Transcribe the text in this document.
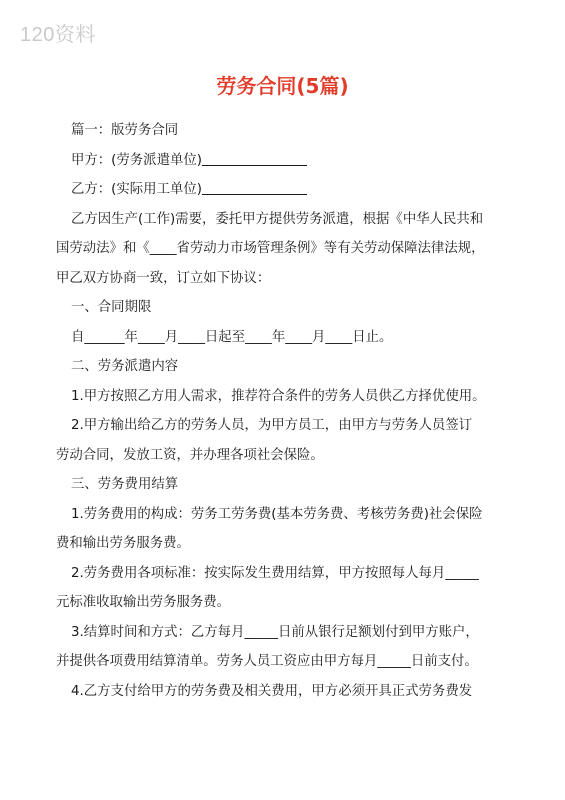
120资料
劳务合同(5篇)
篇一：版劳务合同
甲方：(劳务派遣单位)
乙方：(实际用工单位)
乙方因生产(工作)需要，委托甲方提供劳务派遣，根据《中华人民共和
国劳动法》和《____省劳动力市场管理条例》等有关劳动保障法律法规，
甲乙双方协商一致，订立如下协议：
一、合同期限
自______年____月____日起至____年____月____日止。
二、劳务派遣内容
1.甲方按照乙方用人需求，推荐符合条件的劳务人员供乙方择优使用。
2.甲方输出给乙方的劳务人员，为甲方员工，由甲方与劳务人员签订
劳动合同，发放工资，并办理各项社会保险。
三、劳务费用结算
1.劳务费用的构成：劳务工劳务费(基本劳务费、考核劳务费)社会保险
费和输出劳务服务费。
2.劳务费用各项标准：按实际发生费用结算，甲方按照每人每月_____
元标准收取输出劳务服务费。
3.结算时间和方式：乙方每月_____日前从银行足额划付到甲方账户，
并提供各项费用结算清单。劳务人员工资应由甲方每月_____日前支付。
4.乙方支付给甲方的劳务费及相关费用，甲方必须开具正式劳务费发
